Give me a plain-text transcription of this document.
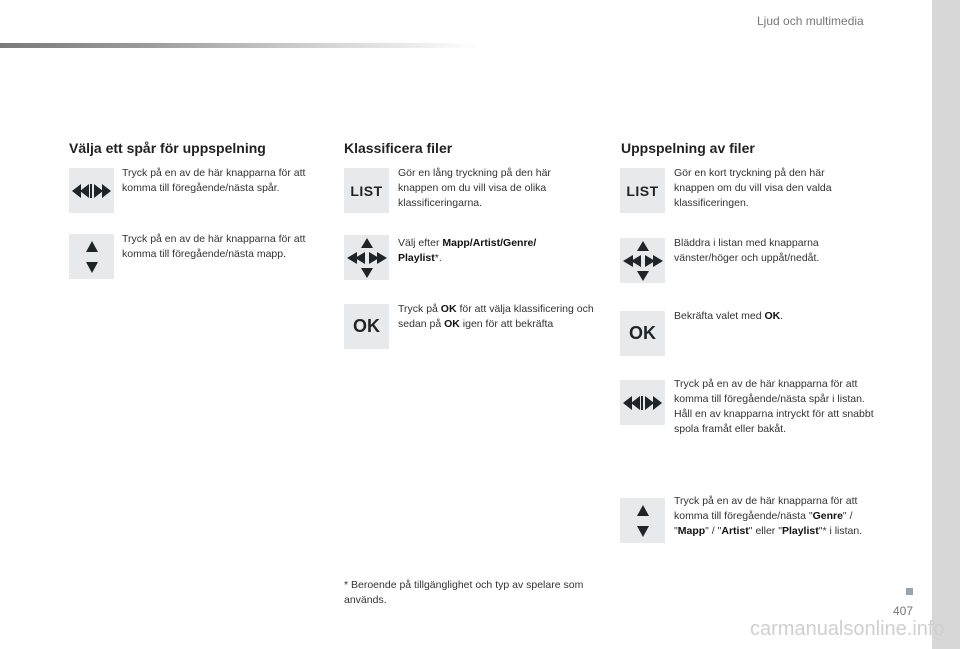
Ljud och multimedia
407
carmanualsonline.info
Välja ett spår för uppspelning
Tryck på en av de här knapparna för att komma till föregående/nästa spår.
Tryck på en av de här knapparna för att komma till föregående/nästa mapp.
Klassificera filer
LIST
Gör en lång tryckning på den här knappen om du vill visa de olika klassificeringarna.
Välj efter Mapp/Artist/Genre/
Playlist*.
OK
Tryck på OK för att välja klassificering och sedan på OK igen för att bekräfta
* Beroende på tillgänglighet och typ av spelare som används.
Uppspelning av filer
LIST
Gör en kort tryckning på den här knappen om du vill visa den valda klassificeringen.
Bläddra i listan med knapparna vänster/höger och uppåt/nedåt.
OK
Bekräfta valet med OK.
Tryck på en av de här knapparna för att komma till föregående/nästa spår i listan.
Håll en av knapparna intryckt för att snabbt spola framåt eller bakåt.
Tryck på en av de här knapparna för att komma till föregående/nästa "Genre" / "Mapp" / "Artist" eller "Playlist"* i listan.
